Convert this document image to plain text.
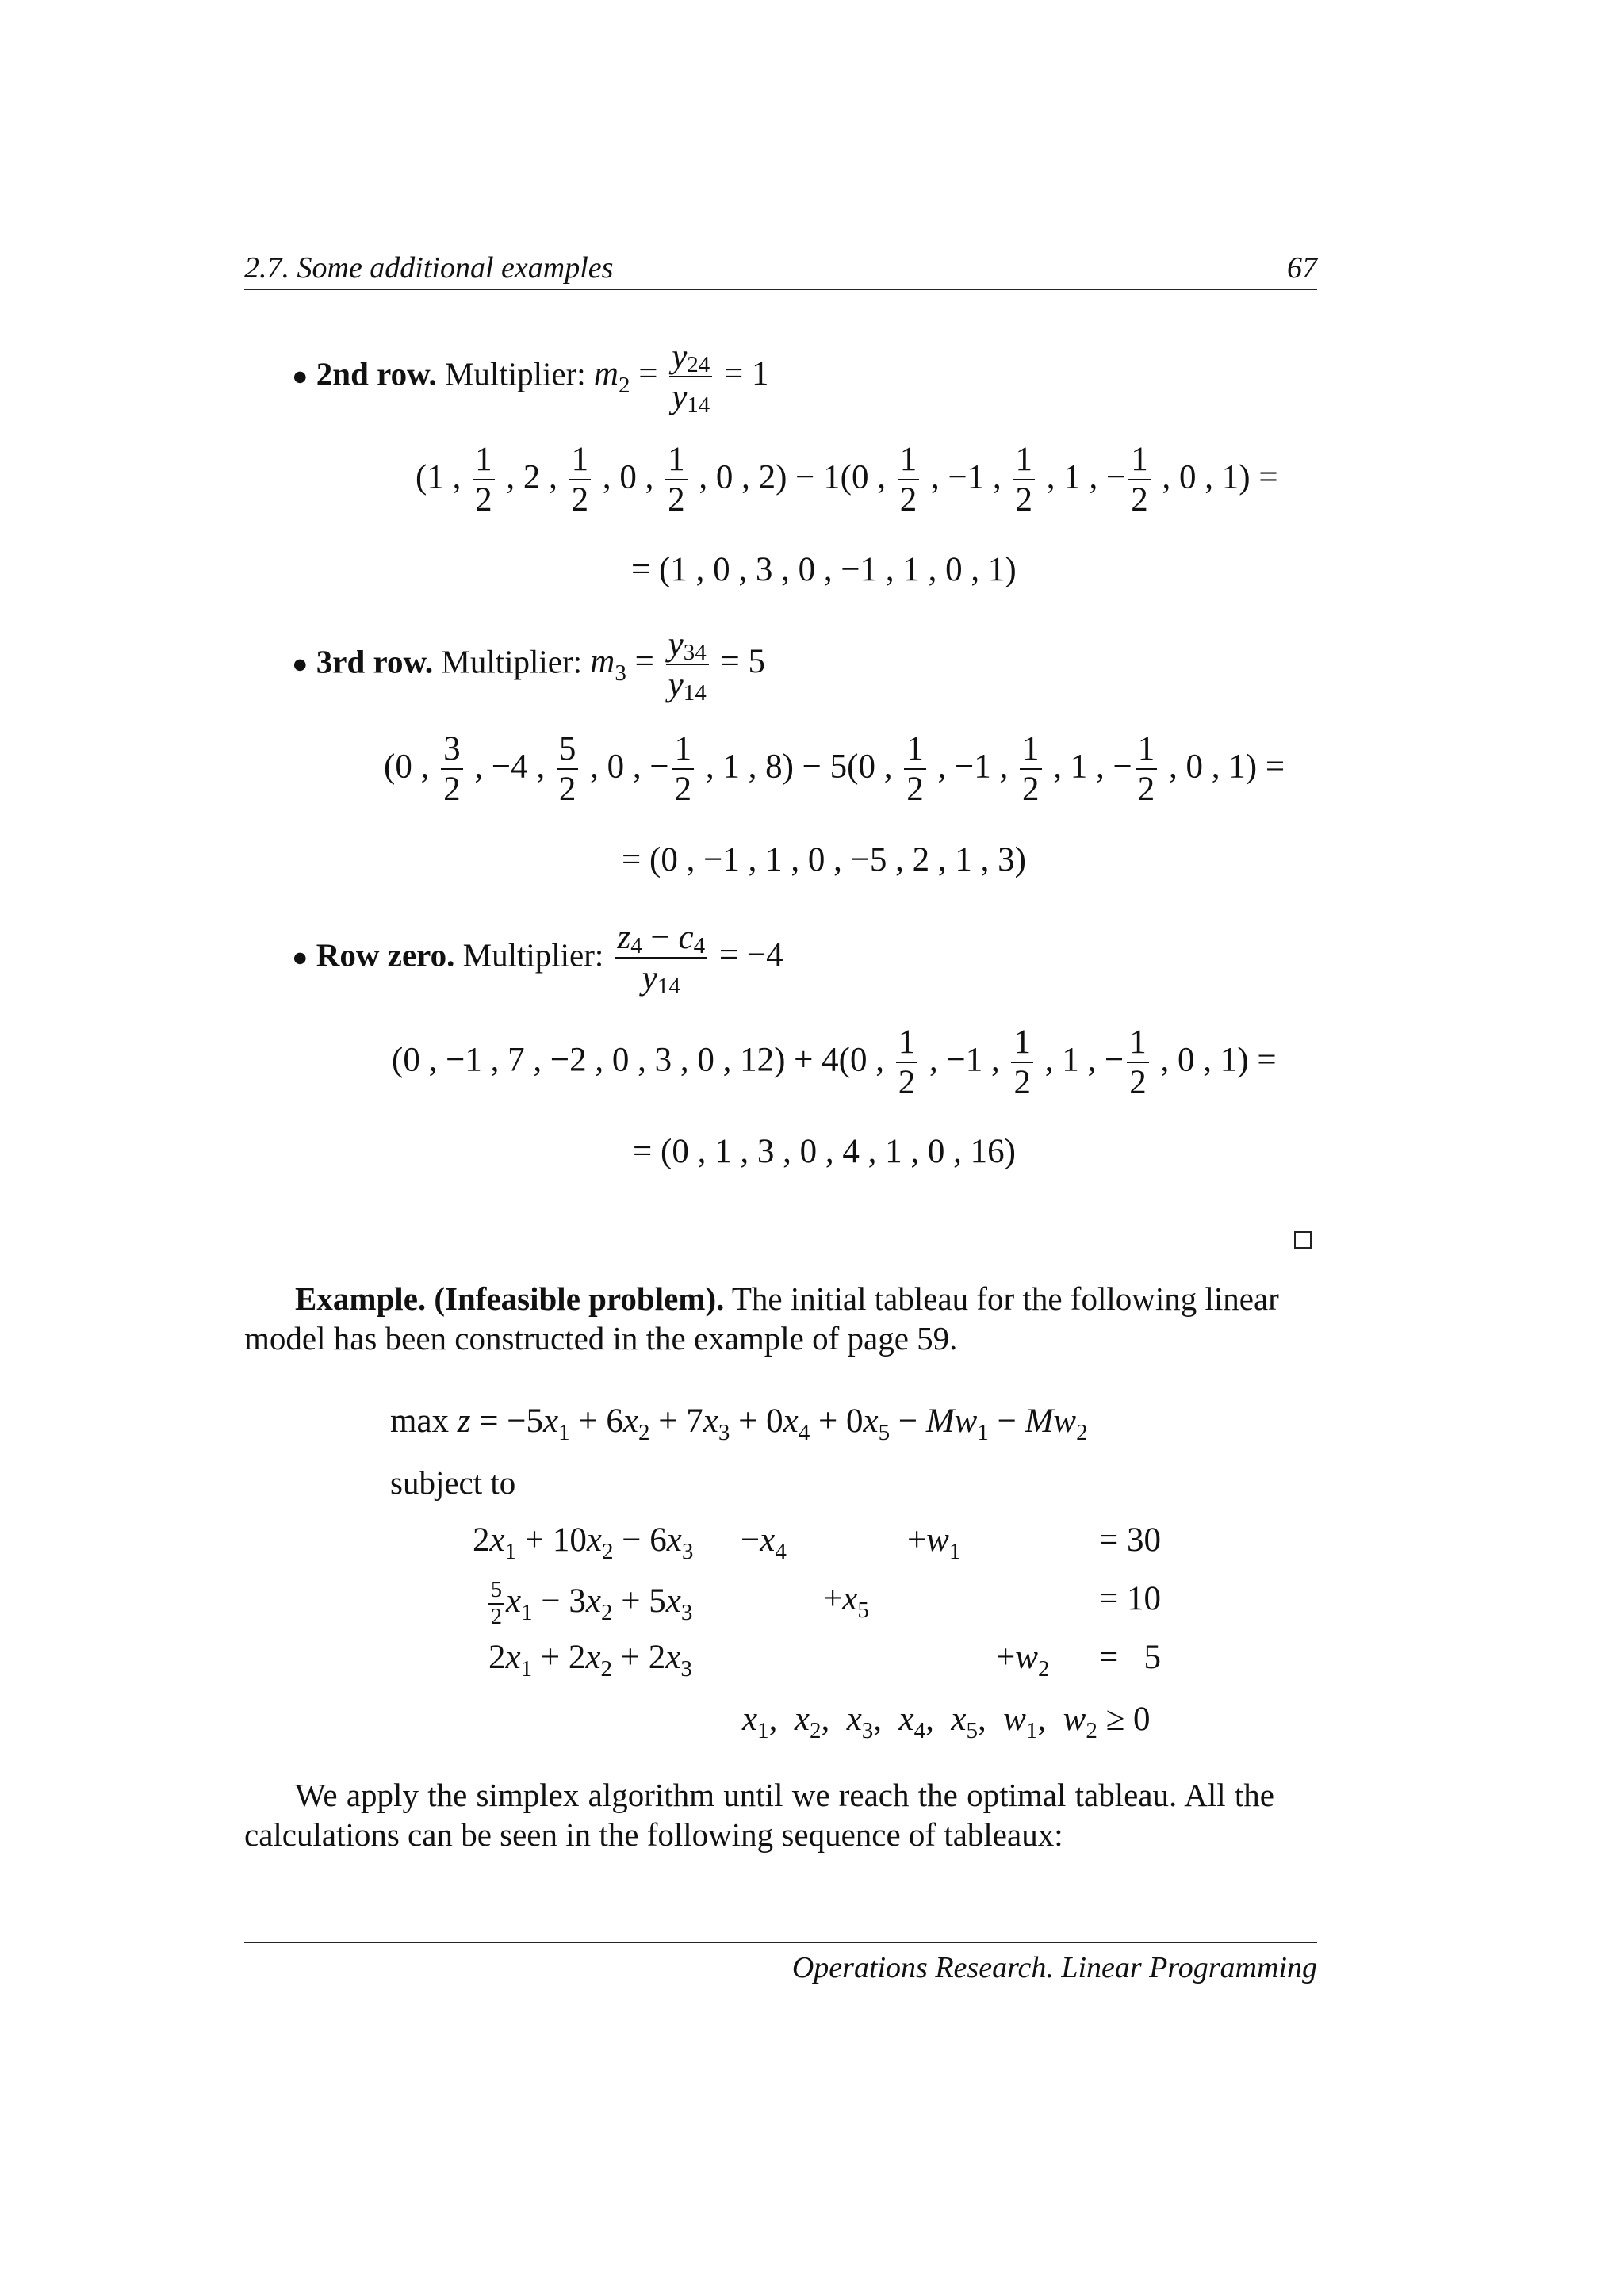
2.7. Some additional examples	67
● 2nd row. Multiplier: $m_2 = \frac{y24}{y14} = 1$
(1 , $\frac{1}{2}$ , 2 , $\frac{1}{2}$ , 0 , $\frac{1}{2}$ , 0 , 2) − 1(0 , $\frac{1}{2}$ , −1 , $\frac{1}{2}$ , 1 , − $\frac{1}{2}$ , 0 , 1) =
= (1 , 0 , 3 , 0 , −1 , 1 , 0 , 1)
● 3rd row. Multiplier: $m_3 = \frac{y34}{y14} = 5$
(0 , $\frac{3}{2}$ , −4 , $\frac{5}{2}$ , 0 , − $\frac{1}{2}$ , 1 , 8) − 5(0 , $\frac{1}{2}$ , −1 , $\frac{1}{2}$ , 1 , − $\frac{1}{2}$ , 0 , 1) =
= (0 , −1 , 1 , 0 , −5 , 2 , 1 , 3)
● Row zero. Multiplier: $\frac{z4 - c4}{y14} = -4$
(0 , −1 , 7 , −2 , 0 , 3 , 0 , 12) + 4(0 , $\frac{1}{2}$ , −1 , $\frac{1}{2}$ , 1 , − $\frac{1}{2}$ , 0 , 1) =
= (0 , 1 , 3 , 0 , 4 , 1 , 0 , 16)
Example. (Infeasible problem). The initial tableau for the following linear
model has been constructed in the example of page 59.
$\max z = -5x_1 + 6x_2 + 7x_3 + 0x_4 + 0x_5 - Mw_1 - Mw_2$
subject to
$2x_1 + 10x_2 - 6x_3 -x_4$	$+w_1$	= 30
$\frac{5}{2} x_1 - 3x_2 + 5x_3$	$+x_5$	= 10
$2x_1 + 2x_2 + 2x_3$	$+w_2 = 5$
$x_1$,  $x_2$,  $x_3$,  $x_4$,  $x_5$,  $w_1$,  $w_2 \ge 0$
We apply the simplex algorithm until we reach the optimal tableau. All the
calculations can be seen in the following sequence of tableaux:
Operations Research. Linear Programming
